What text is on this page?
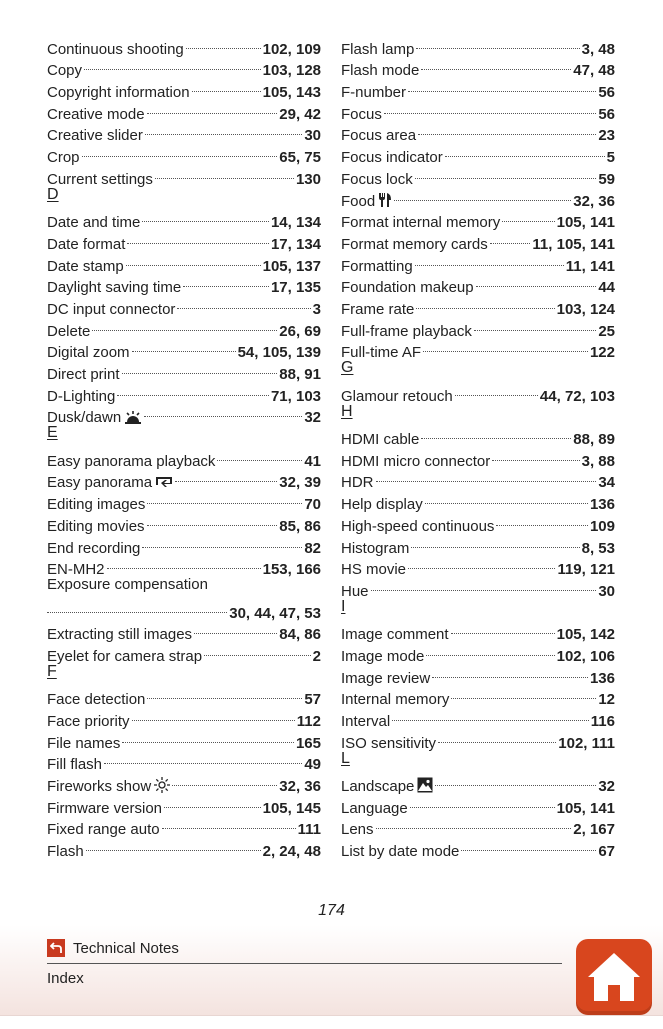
Continuous shooting	102, 109
Copy	103, 128
Copyright information	105, 143
Creative mode	29, 42
Creative slider	30
Crop	65, 75
Current settings	130
D
Date and time	14, 134
Date format	17, 134
Date stamp	105, 137
Daylight saving time	17, 135
DC input connector	3
Delete	26, 69
Digital zoom	54, 105, 139
Direct print	88, 91
D-Lighting	71, 103
Dusk/dawn	32
E
Easy panorama playback	41
Easy panorama	32, 39
Editing images	70
Editing movies	85, 86
End recording	82
EN-MH2	153, 166
Exposure compensation
30, 44, 47, 53
Extracting still images	84, 86
Eyelet for camera strap	2
F
Face detection	57
Face priority	112
File names	165
Fill flash	49
Fireworks show	32, 36
Firmware version	105, 145
Fixed range auto	111
Flash	2, 24, 48
Flash lamp	3, 48
Flash mode	47, 48
F-number	56
Focus	56
Focus area	23
Focus indicator	5
Focus lock	59
Food	32, 36
Format internal memory	105, 141
Format memory cards	11, 105, 141
Formatting	11, 141
Foundation makeup	44
Frame rate	103, 124
Full-frame playback	25
Full-time AF	122
G
Glamour retouch	44, 72, 103
H
HDMI cable	88, 89
HDMI micro connector	3, 88
HDR	34
Help display	136
High-speed continuous	109
Histogram	8, 53
HS movie	119, 121
Hue	30
I
Image comment	105, 142
Image mode	102, 106
Image review	136
Internal memory	12
Interval	116
ISO sensitivity	102, 111
L
Landscape	32
Language	105, 141
Lens	2, 167
List by date mode	67
174
Technical Notes
Index
